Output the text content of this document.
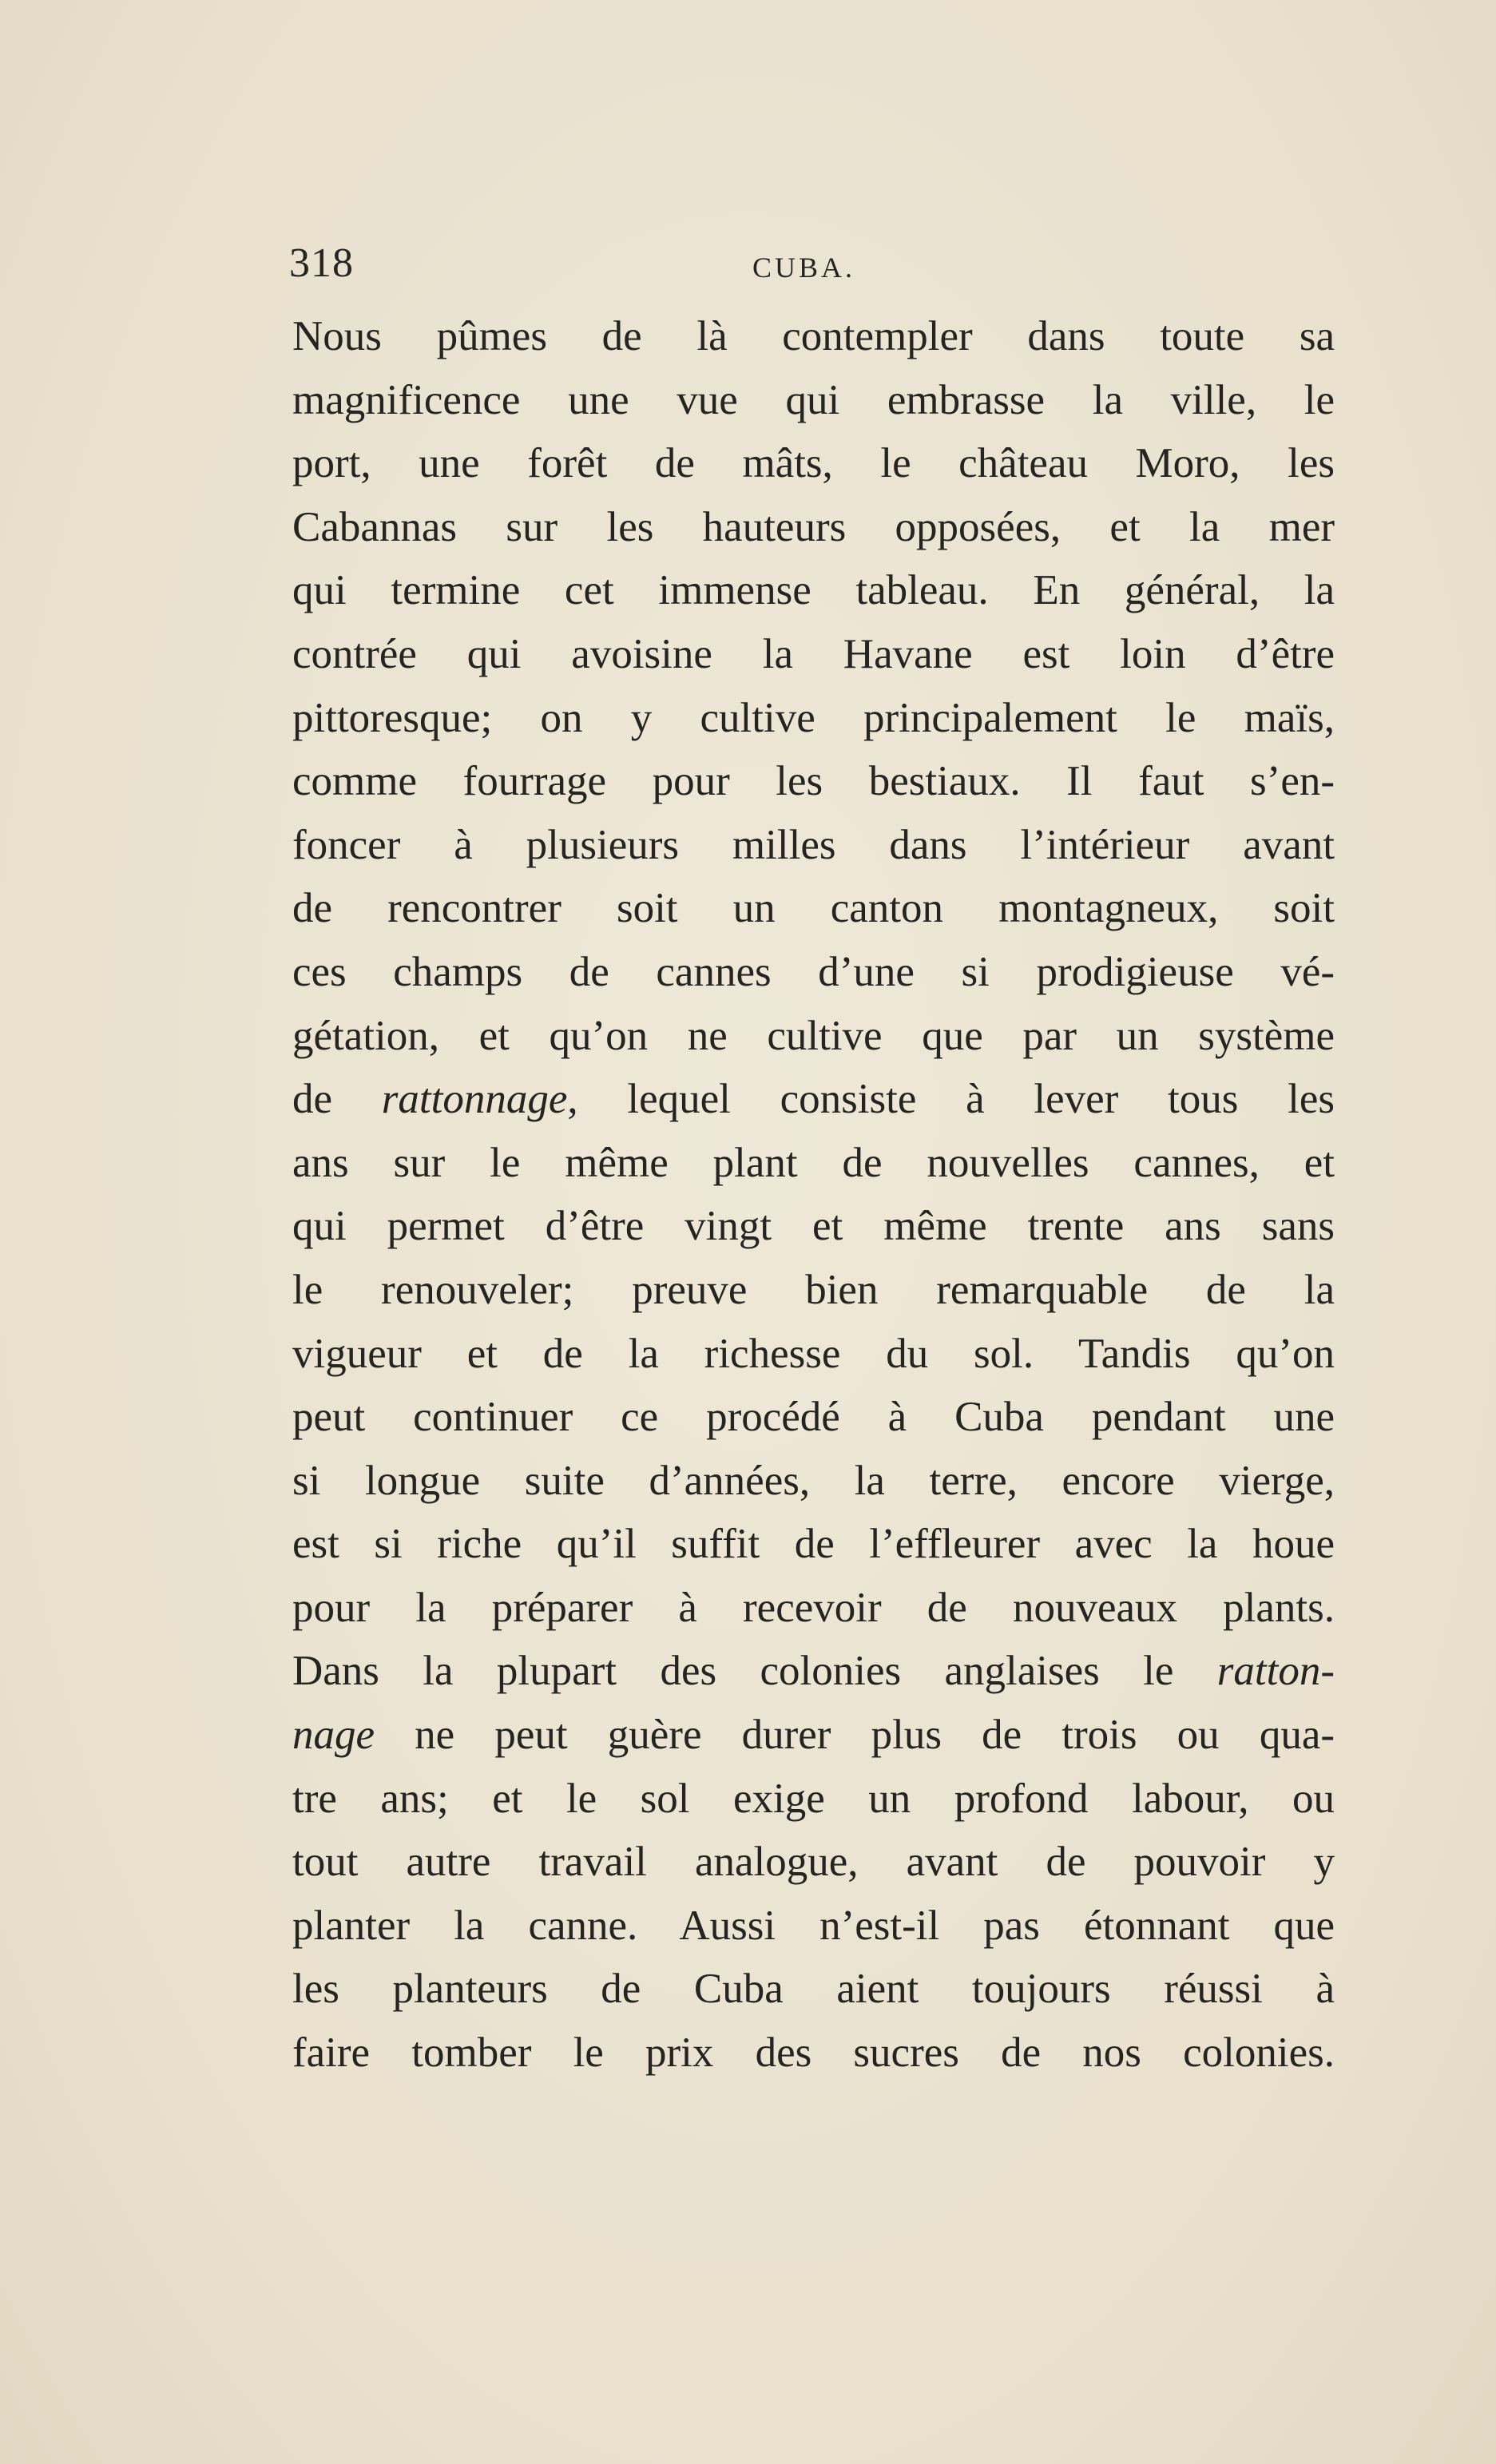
318	CUBA.
Nous pûmes de là contempler dans toute sa
magnificence une vue qui embrasse la ville, le
port, une forêt de mâts, le château Moro, les
Cabannas sur les hauteurs opposées, et la mer
qui termine cet immense tableau. En général, la
contrée qui avoisine la Havane est loin d’être
pittoresque; on y cultive principalement le maïs,
comme fourrage pour les bestiaux. Il faut s’en-
foncer à plusieurs milles dans l’intérieur avant
de rencontrer soit un canton montagneux, soit
ces champs de cannes d’une si prodigieuse vé-
gétation, et qu’on ne cultive que par un système
de rattonnage, lequel consiste à lever tous les
ans sur le même plant de nouvelles cannes, et
qui permet d’être vingt et même trente ans sans
le renouveler; preuve bien remarquable de la
vigueur et de la richesse du sol. Tandis qu’on
peut continuer ce procédé à Cuba pendant une
si longue suite d’années, la terre, encore vierge,
est si riche qu’il suffit de l’effleurer avec la houe
pour la préparer à recevoir de nouveaux plants.
Dans la plupart des colonies anglaises le ratton-
nage ne peut guère durer plus de trois ou qua-
tre ans; et le sol exige un profond labour, ou
tout autre travail analogue, avant de pouvoir y
planter la canne. Aussi n’est-il pas étonnant que
les planteurs de Cuba aient toujours réussi à
faire tomber le prix des sucres de nos colonies.
